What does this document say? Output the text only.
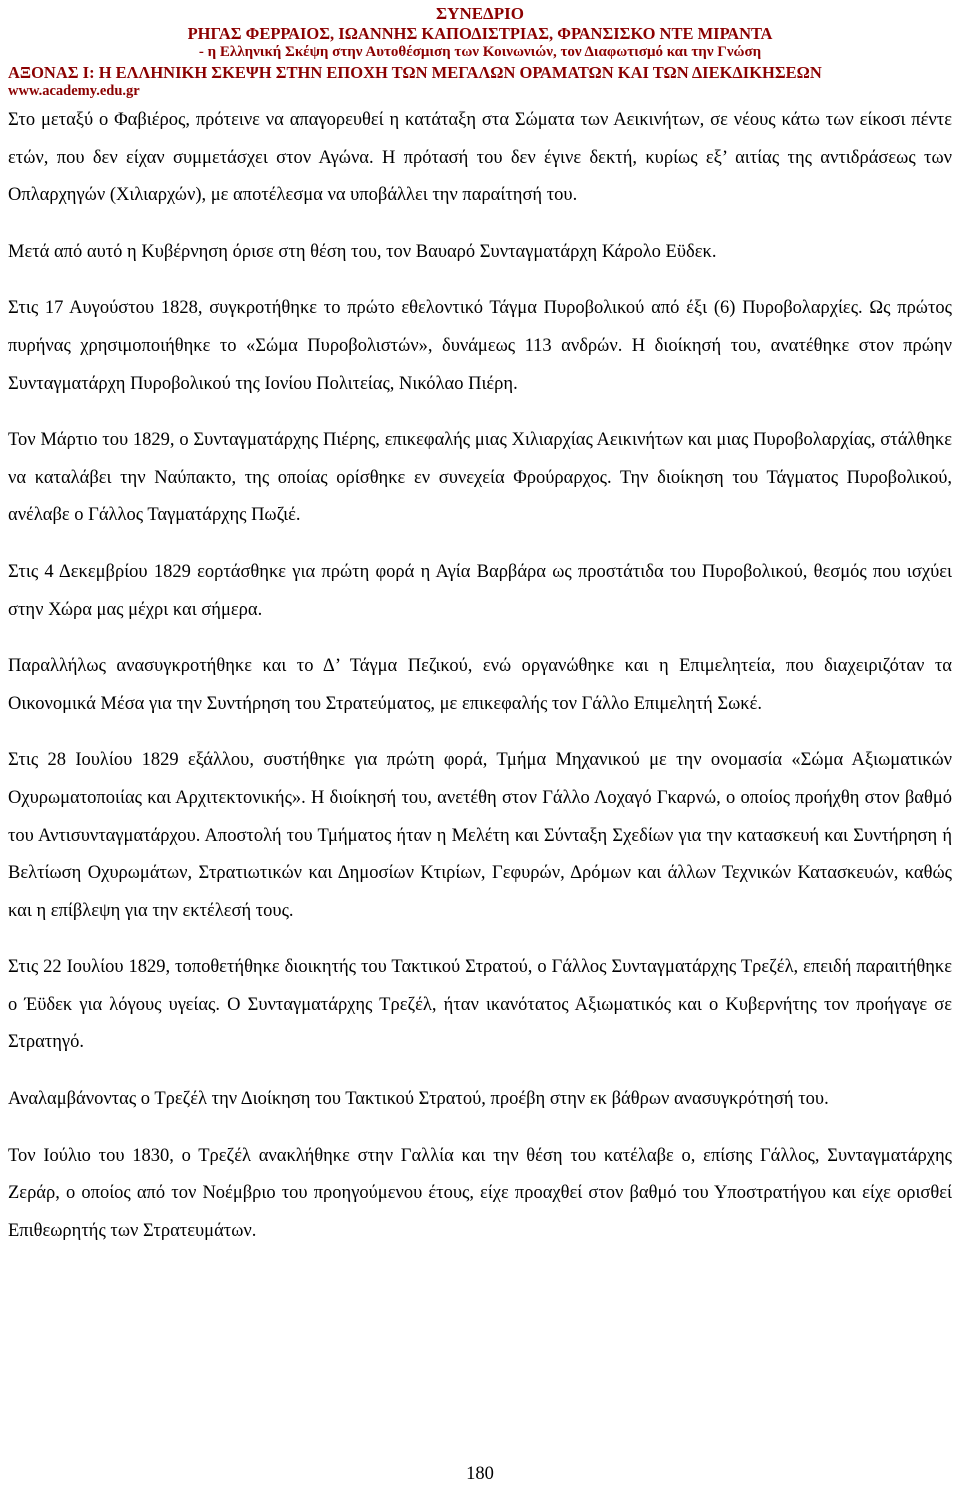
ΣΥΝΕΔΡΙΟ
ΡΗΓΑΣ ΦΕΡΡΑΙΟΣ, ΙΩΑΝΝΗΣ ΚΑΠΟΔΙΣΤΡΙΑΣ, ΦΡΑΝΣΙΣΚΟ ΝΤΕ ΜΙΡΑΝΤΑ
- η Ελληνική Σκέψη στην Αυτοθέσμιση των Κοινωνιών, τον Διαφωτισμό και την Γνώση
ΑΞΟΝΑΣ Ι: Η ΕΛΛΗΝΙΚΗ ΣΚΕΨΗ ΣΤΗΝ ΕΠΟΧΗ ΤΩΝ ΜΕΓΑΛΩΝ ΟΡΑΜΑΤΩΝ ΚΑΙ ΤΩΝ ΔΙΕΚΔΙΚΗΣΕΩΝ
www.academy.edu.gr

Στο μεταξύ ο Φαβιέρος, πρότεινε να απαγορευθεί η κατάταξη στα Σώματα των Αεικινήτων, σε νέους κάτω των είκοσι πέντε ετών, που δεν είχαν συμμετάσχει στον Αγώνα. Η πρότασή του δεν έγινε δεκτή, κυρίως εξ’ αιτίας της αντιδράσεως των Οπλαρχηγών (Χιλιαρχών), με αποτέλεσμα να υποβάλλει την παραίτησή του.

Μετά από αυτό η Κυβέρνηση όρισε στη θέση του, τον Βαυαρό Συνταγματάρχη Κάρολο Εϋδεκ.

Στις 17 Αυγούστου 1828, συγκροτήθηκε το πρώτο εθελοντικό Τάγμα Πυροβολικού από έξι (6) Πυροβολαρχίες. Ως πρώτος πυρήνας χρησιμοποιήθηκε το «Σώμα Πυροβολιστών», δυνάμεως 113 ανδρών. Η διοίκησή του, ανατέθηκε στον πρώην Συνταγματάρχη Πυροβολικού της Ιονίου Πολιτείας, Νικόλαο Πιέρη.

Τον Μάρτιο του 1829, ο Συνταγματάρχης Πιέρης, επικεφαλής μιας Χιλιαρχίας Αεικινήτων και μιας Πυροβολαρχίας, στάλθηκε να καταλάβει την Ναύπακτο, της οποίας ορίσθηκε εν συνεχεία Φρούραρχος. Την διοίκηση του Τάγματος Πυροβολικού, ανέλαβε ο Γάλλος Ταγματάρχης Πωζιέ.

Στις 4 Δεκεμβρίου 1829 εορτάσθηκε για πρώτη φορά η Αγία Βαρβάρα ως προστάτιδα του Πυροβολικού, θεσμός που ισχύει στην Χώρα μας μέχρι και σήμερα.

Παραλλήλως ανασυγκροτήθηκε και το Δ’ Τάγμα Πεζικού, ενώ οργανώθηκε και η Επιμελητεία, που διαχειριζόταν τα Οικονομικά Μέσα για την Συντήρηση του Στρατεύματος, με επικεφαλής τον Γάλλο Επιμελητή Σωκέ.

Στις 28 Ιουλίου 1829 εξάλλου, συστήθηκε για πρώτη φορά, Τμήμα Μηχανικού με την ονομασία «Σώμα Αξιωματικών Οχυρωματοποιίας και Αρχιτεκτονικής». Η διοίκησή του, ανετέθη στον Γάλλο Λοχαγό Γκαρνώ, ο οποίος προήχθη στον βαθμό του Αντισυνταγματάρχου. Αποστολή του Τμήματος ήταν η Μελέτη και Σύνταξη Σχεδίων για την κατασκευή και Συντήρηση ή Βελτίωση Οχυρωμάτων, Στρατιωτικών και Δημοσίων Κτιρίων, Γεφυρών, Δρόμων και άλλων Τεχνικών Κατασκευών, καθώς και η επίβλεψη για την εκτέλεσή τους.

Στις 22 Ιουλίου 1829, τοποθετήθηκε διοικητής του Τακτικού Στρατού, ο Γάλλος Συνταγματάρχης Τρεζέλ, επειδή παραιτήθηκε ο Έϋδεκ για λόγους υγείας. Ο Συνταγματάρχης Τρεζέλ, ήταν ικανότατος Αξιωματικός και ο Κυβερνήτης τον προήγαγε σε Στρατηγό.

Αναλαμβάνοντας ο Τρεζέλ την Διοίκηση του Τακτικού Στρατού, προέβη στην εκ βάθρων ανασυγκρότησή του.

Τον Ιούλιο του 1830, ο Τρεζέλ ανακλήθηκε στην Γαλλία και την θέση του κατέλαβε ο, επίσης Γάλλος, Συνταγματάρχης Ζεράρ, ο οποίος από τον Νοέμβριο του προηγούμενου έτους, είχε προαχθεί στον βαθμό του Υποστρατήγου και είχε ορισθεί Επιθεωρητής των Στρατευμάτων.

180
